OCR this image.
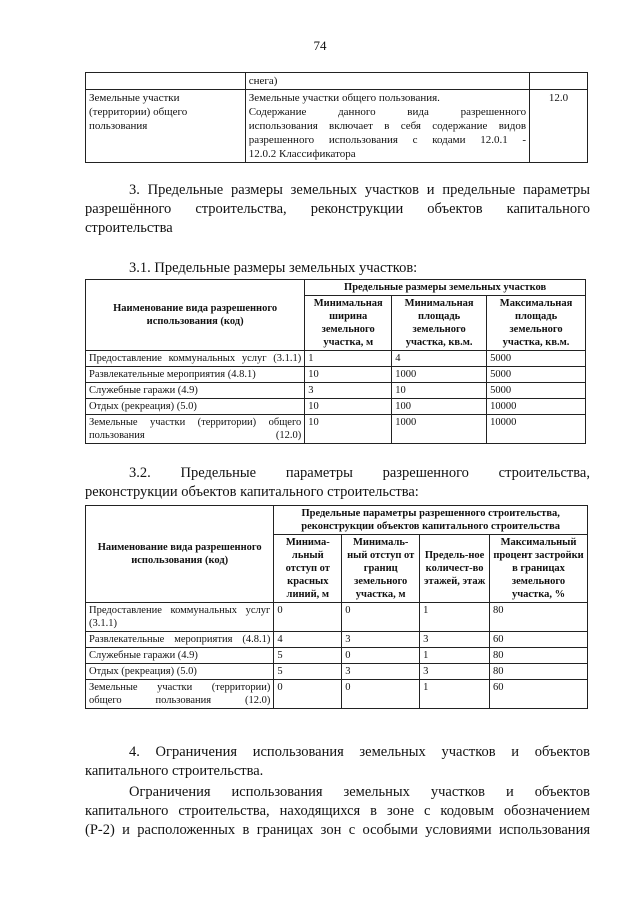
74
	снега)	
Земельные участки (территории) общего пользования	Земельные участки общего пользования.
Содержание данного вида разрешенного
использования включает в себя содержание видов
разрешенного использования с кодами 12.0.1 -
12.0.2 Классификатора	12.0
3. Предельные размеры земельных участков и предельные параметры
разрешённого строительства, реконструкции объектов капитального
строительства
3.1. Предельные размеры земельных участков:
Наименование вида разрешенного использования (код)	Предельные размеры земельных участков		
	Минимальная ширина земельного участка, м	Минимальная площадь земельного участка, кв.м.	Максимальная площадь земельного участка, кв.м.

Предоставление коммунальных услуг (3.1.1)	1	4	5000
Развлекательные мероприятия (4.8.1)	10	1000	5000
Служебные гаражи (4.9)	3	10	5000
Отдых (рекреация) (5.0)	10	100	10000

Земельные участки (территории) общего пользования (12.0)	10	1000	10000
3.2. Предельные параметры разрешенного строительства,
реконструкции объектов капитального строительства:
Наименование вида разрешенного использования (код)	Предельные параметры разрешенного строительства, реконструкции объектов капитального строительства			
	Минима-льный отступ от красных линий, м	Минималь-ный отступ от границ земельного участка, м	Предель-ное количест-во этажей, этаж	Максимальный процент застройки в границах земельного участка, %

Предоставление коммунальных услуг (3.1.1)	0	0	1	80

Развлекательные мероприятия (4.8.1)	4	3	3	60
Служебные гаражи (4.9)	5	0	1	80
Отдых (рекреация) (5.0)	5	3	3	80

Земельные участки (территории) общего пользования (12.0)	0	0	1	60
4. Ограничения использования земельных участков и объектов
капитального строительства.
Ограничения использования земельных участков и объектов
капитального строительства, находящихся в зоне с кодовым обозначением
(Р-2) и расположенных в границах зон с особыми условиями использования
